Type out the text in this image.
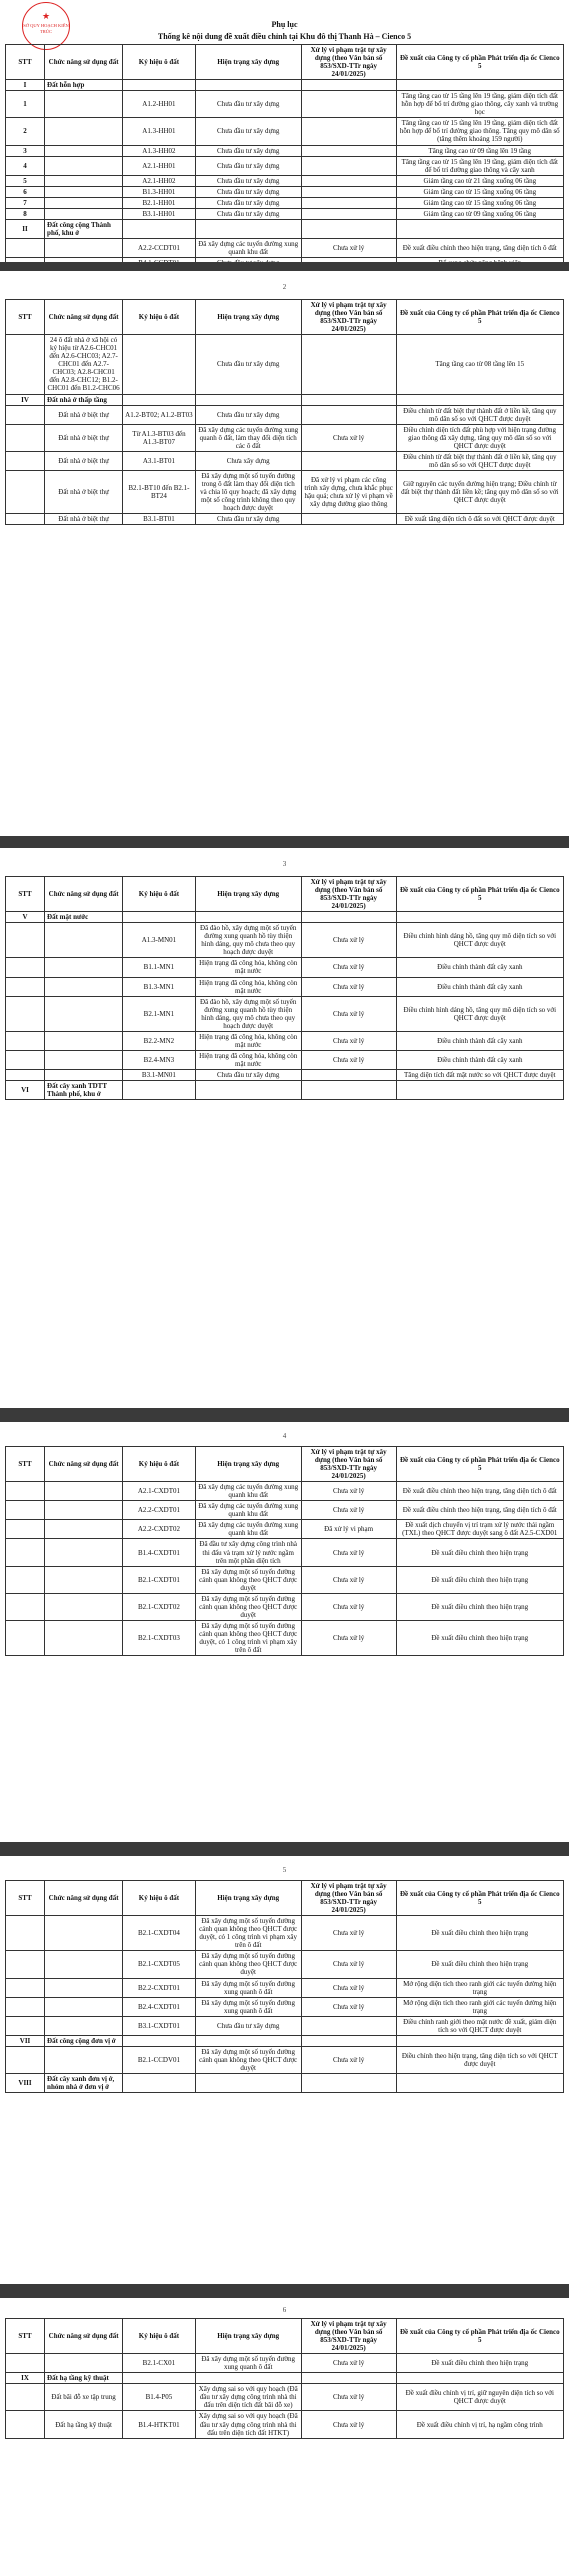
★
SỞ QUY HOẠCH KIẾN TRÚC
Phụ lục
Thống kê nội dung đề xuất điều chỉnh tại Khu đô thị Thanh Hà – Cienco 5
STT	Chức năng sử dụng đất	Ký hiệu ô đất	Hiện trạng xây dựng	Xử lý vi phạm trật tự xây dựng (theo Văn bản số 853/SXD-TTr ngày 24/01/2025)	Đề xuất của Công ty cổ phần Phát triển địa ốc Cienco 5
I	Đất hỗn hợp				
1		A1.2-HH01	Chưa đầu tư xây dựng		Tăng tầng cao từ 15 tầng lên 19 tầng, giảm diện tích đất hỗn hợp để bổ trí đường giao thông, cây xanh và trường học
2		A1.3-HH01	Chưa đầu tư xây dựng		Tăng tầng cao từ 15 tầng lên 19 tầng, giảm diện tích đất hỗn hợp để bổ trí đường giao thông. Tăng quy mô dân số (tăng thêm khoảng 159 người)
3		A1.3-HH02	Chưa đầu tư xây dựng		Tăng tầng cao từ 09 tầng lên 19 tầng
4		A2.1-HH01	Chưa đầu tư xây dựng		Tăng tầng cao từ 15 tầng lên 19 tầng, giảm diện tích đất để bố trí đường giao thông và cây xanh
5		A2.1-HH02	Chưa đầu tư xây dựng		Giảm tầng cao từ 21 tầng xuống 06 tầng
6		B1.3-HH01	Chưa đầu tư xây dựng		Giảm tầng cao từ 15 tầng xuống 06 tầng
7		B2.1-HH01	Chưa đầu tư xây dựng		Giảm tầng cao từ 15 tầng xuống 06 tầng
8		B3.1-HH01	Chưa đầu tư xây dựng		Giảm tầng cao từ 09 tầng xuống 06 tầng
II	Đất công cộng Thành phố, khu ở				
		A2.2-CCDT01	Đã xây dựng các tuyến đường xung quanh khu đất	Chưa xử lý	Đề xuất điều chỉnh theo hiện trạng, tăng diện tích ô đất

2
STT	Chức năng sử dụng đất	Ký hiệu ô đất	Hiện trạng xây dựng	Xử lý vi phạm trật tự xây dựng (theo Văn bản số 853/SXD-TTr ngày 24/01/2025)	Đề xuất của Công ty cổ phần Phát triển địa ốc Cienco 5
	24 ô đất nhà ở xã hội có ký hiệu từ A2.6-CHC01 đến A2.6-CHC03; A2.7-CHC01 đến A2.7-CHC03; A2.8-CHC01 đến A2.8-CHC12; B1.2-CHC01 đến B1.2-CHC06		Chưa đầu tư xây dựng		Tăng tầng cao từ 08 tầng lên 15
IV	Đất nhà ở thấp tầng				
	Đất nhà ở biệt thự	A1.2-BT02; A1.2-BT03	Chưa đầu tư xây dựng		Điều chỉnh từ đất biệt thự thành đất ở liền kề, tăng quy mô dân số so với QHCT được duyệt
	Đất nhà ở biệt thự	Từ A1.3-BT03 đến A1.3-BT07	Đã xây dựng các tuyến đường xung quanh ô đất, làm thay đổi diện tích các ô đất	Chưa xử lý	Điều chỉnh diện tích đất phù hợp với hiện trạng đường giao thông đã xây dựng, tăng quy mô dân số so với QHCT được duyệt
	Đất nhà ở biệt thự	A3.1-BT01	Chưa xây dựng		Điều chỉnh từ đất biệt thự thành đất ở liền kề, tăng quy mô dân số so với QHCT được duyệt
	Đất nhà ở biệt thự	B2.1-BT10 đến B2.1-BT24	Đã xây dựng một số tuyến đường trong ô đất làm thay đổi diện tích và chia lô quy hoạch; đã xây dựng một số công trình không theo quy hoạch được duyệt	Đã xử lý vi phạm các công trình xây dựng, chưa khắc phục hậu quả; chưa xử lý vi phạm về xây dựng đường giao thông	Giữ nguyên các tuyến đường hiện trạng; Điều chỉnh từ đất biệt thự thành đất liền kề; tăng quy mô dân số so với QHCT được duyệt
	Đất nhà ở biệt thự	B3.1-BT01	Chưa đầu tư xây dựng		Đề xuất tăng diện tích ô đất so với QHCT được duyệt
3
STT	Chức năng sử dụng đất	Ký hiệu ô đất	Hiện trạng xây dựng	Xử lý vi phạm trật tự xây dựng (theo Văn bản số 853/SXD-TTr ngày 24/01/2025)	Đề xuất của Công ty cổ phần Phát triển địa ốc Cienco 5
V	Đất mặt nước				
		A1.3-MN01	Đã đào hồ, xây dựng một số tuyến đường xung quanh hồ tùy thiện hình dáng, quy mô chưa theo quy hoạch được duyệt	Chưa xử lý	Điều chỉnh hình dáng hồ, tăng quy mô diện tích so với QHCT được duyệt
		B1.1-MN1	Hiện trạng đã công hóa, không còn mặt nước	Chưa xử lý	Điều chỉnh thành đất cây xanh
		B1.3-MN1	Hiện trạng đã công hóa, không còn mặt nước	Chưa xử lý	Điều chỉnh thành đất cây xanh
		B2.1-MN1	Đã đào hồ, xây dựng một số tuyến đường xung quanh hồ tùy thiện hình dáng, quy mô chưa theo quy hoạch được duyệt	Chưa xử lý	Điều chỉnh hình dáng hồ, tăng quy mô diện tích so với QHCT được duyệt
		B2.2-MN2	Hiện trạng đã công hóa, không còn mặt nước	Chưa xử lý	Điều chỉnh thành đất cây xanh
		B2.4-MN3	Hiện trạng đã công hóa, không còn mặt nước	Chưa xử lý	Điều chỉnh thành đất cây xanh
		B3.1-MN01	Chưa đầu tư xây dựng		Tăng diện tích đất mặt nước so với QHCT được duyệt
VI	Đất cây xanh TDTT Thành phố, khu ở				
4
STT	Chức năng sử dụng đất	Ký hiệu ô đất	Hiện trạng xây dựng	Xử lý vi phạm trật tự xây dựng (theo Văn bản số 853/SXD-TTr ngày 24/01/2025)	Đề xuất của Công ty cổ phần Phát triển địa ốc Cienco 5
		A2.1-CXDT01	Đã xây dựng các tuyến đường xung quanh khu đất	Chưa xử lý	Đề xuất điều chỉnh theo hiện trạng, tăng diện tích ô đất
		A2.2-CXDT01	Đã xây dựng các tuyến đường xung quanh khu đất	Chưa xử lý	Đề xuất điều chỉnh theo hiện trạng, tăng diện tích ô đất
		A2.2-CXDT02	Đã xây dựng các tuyến đường xung quanh khu đất	Đã xử lý vi phạm	Đề xuất dịch chuyển vị trí trạm xử lý nước thải ngầm (TXL) theo QHCT được duyệt sang ô đất A2.5-CXD01
		B1.4-CXDT01	Đã đầu tư xây dựng công trình nhà thi đấu và trạm xử lý nước ngầm trên một phần diện tích	Chưa xử lý	Đề xuất điều chỉnh theo hiện trạng
		B2.1-CXDT01	Đã xây dựng một số tuyến đường cảnh quan không theo QHCT được duyệt	Chưa xử lý	Đề xuất điều chỉnh theo hiện trạng
		B2.1-CXDT02	Đã xây dựng một số tuyến đường cảnh quan không theo QHCT được duyệt	Chưa xử lý	Đề xuất điều chỉnh theo hiện trạng
		B2.1-CXDT03	Đã xây dựng một số tuyến đường cảnh quan không theo QHCT được duyệt, có 1 công trình vi phạm xây trên ô đất	Chưa xử lý	Đề xuất điều chỉnh theo hiện trạng
5
STT	Chức năng sử dụng đất	Ký hiệu ô đất	Hiện trạng xây dựng	Xử lý vi phạm trật tự xây dựng (theo Văn bản số 853/SXD-TTr ngày 24/01/2025)	Đề xuất của Công ty cổ phần Phát triển địa ốc Cienco 5
		B2.1-CXDT04	Đã xây dựng một số tuyến đường cảnh quan không theo QHCT được duyệt, có 1 công trình vi phạm xây trên ô đất	Chưa xử lý	Đề xuất điều chỉnh theo hiện trạng
		B2.1-CXDT05	Đã xây dựng một số tuyến đường cảnh quan không theo QHCT được duyệt	Chưa xử lý	Đề xuất điều chỉnh theo hiện trạng
		B2.2-CXDT01	Đã xây dựng một số tuyến đường xung quanh ô đất	Chưa xử lý	Mở rộng diện tích theo ranh giới các tuyến đường hiện trạng
		B2.4-CXDT01	Đã xây dựng một số tuyến đường xung quanh ô đất	Chưa xử lý	Mở rộng diện tích theo ranh giới các tuyến đường hiện trạng
		B3.1-CXDT01	Chưa đầu tư xây dựng		Điều chỉnh ranh giới theo mặt nước đề xuất, giảm diện tích so với QHCT được duyệt
VII	Đất công cộng đơn vị ở				
		B2.1-CCDV01	Đã xây dựng một số tuyến đường cảnh quan không theo QHCT được duyệt	Chưa xử lý	Điều chỉnh theo hiện trạng, tăng diện tích so với QHCT được duyệt
VIII	Đất cây xanh đơn vị ở, nhóm nhà ở đơn vị ở				
6
STT	Chức năng sử dụng đất	Ký hiệu ô đất	Hiện trạng xây dựng	Xử lý vi phạm trật tự xây dựng (theo Văn bản số 853/SXD-TTr ngày 24/01/2025)	Đề xuất của Công ty cổ phần Phát triển địa ốc Cienco 5
		B2.1-CX01	Đã xây dựng một số tuyến đường xung quanh ô đất	Chưa xử lý	Đề xuất điều chỉnh theo hiện trạng
IX	Đất hạ tầng kỹ thuật				
	Đất bãi đỗ xe tập trung	B1.4-P05	Xây dựng sai so với quy hoạch (Đã đầu tư xây dựng công trình nhà thi đấu trên diện tích đất bãi đỗ xe)	Chưa xử lý	Đề xuất điều chỉnh vị trí, giữ nguyên diện tích so với QHCT được duyệt
	Đất hạ tầng kỹ thuật	B1.4-HTKT01	Xây dựng sai so với quy hoạch (Đã đầu tư xây dựng công trình nhà thi đấu trên diện tích đất HTKT)	Chưa xử lý	Đề xuất điều chỉnh vị trí, hạ ngầm công trình
